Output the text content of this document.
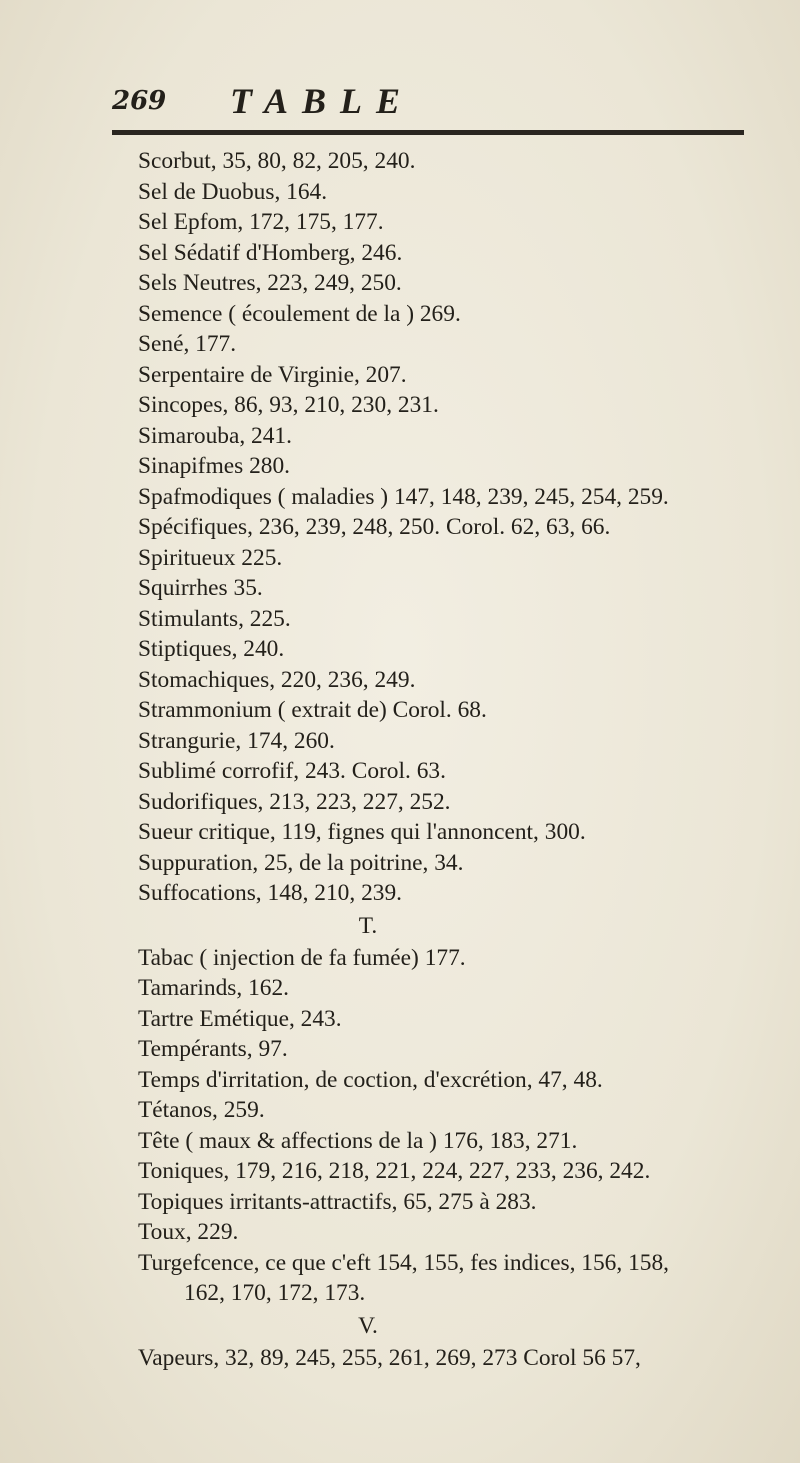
269 TABLE
Scorbut, 35, 80, 82, 205, 240.
Sel de Duobus, 164.
Sel Epfom, 172, 175, 177.
Sel Sédatif d'Homberg, 246.
Sels Neutres, 223, 249, 250.
Semence ( écoulement de la ) 269.
Sené, 177.
Serpentaire de Virginie, 207.
Sincopes, 86, 93, 210, 230, 231.
Simarouba, 241.
Sinapifmes 280.
Spafmodiques ( maladies ) 147, 148, 239, 245, 254, 259.
Spécifiques, 236, 239, 248, 250. Corol. 62, 63, 66.
Spiritueux 225.
Squirrhes 35.
Stimulants, 225.
Stiptiques, 240.
Stomachiques, 220, 236, 249.
Strammonium ( extrait de) Corol. 68.
Strangurie, 174, 260.
Sublimé corrofif, 243. Corol. 63.
Sudorifiques, 213, 223, 227, 252.
Sueur critique, 119, fignes qui l'annoncent, 300.
Suppuration, 25, de la poitrine, 34.
Suffocations, 148, 210, 239.
T.
Tabac ( injection de fa fumée) 177.
Tamarinds, 162.
Tartre Emétique, 243.
Tempérants, 97.
Temps d'irritation, de coction, d'excrétion, 47, 48.
Tétanos, 259.
Tête ( maux & affections de la ) 176, 183, 271.
Toniques, 179, 216, 218, 221, 224, 227, 233, 236, 242.
Topiques irritants-attractifs, 65, 275 à 283.
Toux, 229.
Turgefcence, ce que c'eft 154, 155, fes indices, 156, 158,
162, 170, 172, 173.
V.
Vapeurs, 32, 89, 245, 255, 261, 269, 273 Corol 56 57,
